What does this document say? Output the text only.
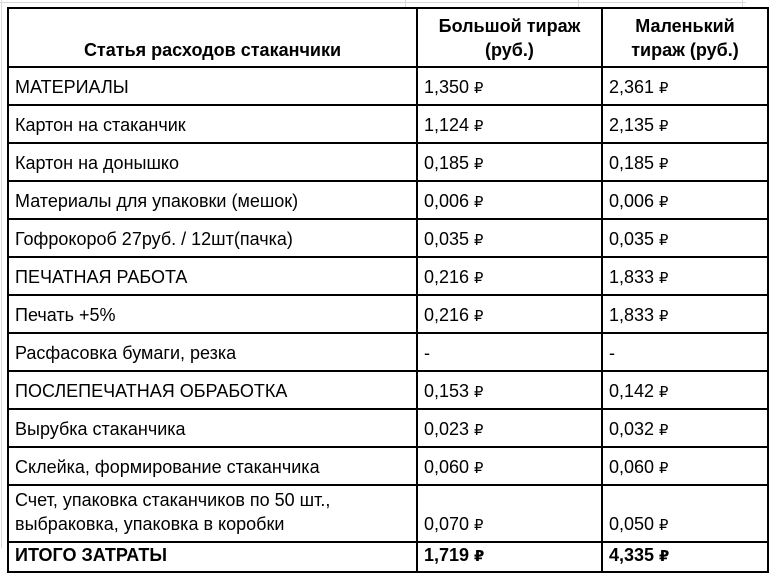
Статья расходов стаканчики	Большой тираж (руб.)	Маленький тираж (руб.)
МАТЕРИАЛЫ	1,350 ₽	2,361 ₽
Картон на стаканчик	1,124 ₽	2,135 ₽
Картон на донышко	0,185 ₽	0,185 ₽
Материалы для упаковки (мешок)	0,006 ₽	0,006 ₽
Гофрокороб 27руб. / 12шт(пачка)	0,035 ₽	0,035 ₽
ПЕЧАТНАЯ РАБОТА	0,216 ₽	1,833 ₽
Печать +5%	0,216 ₽	1,833 ₽
Расфасовка бумаги, резка	-	-
ПОСЛЕПЕЧАТНАЯ ОБРАБОТКА	0,153 ₽	0,142 ₽
Вырубка стаканчика	0,023 ₽	0,032 ₽
Склейка, формирование стаканчика	0,060 ₽	0,060 ₽
Счет, упаковка стаканчиков по 50 шт., выбраковка, упаковка в коробки	0,070 ₽	0,050 ₽
ИТОГО ЗАТРАТЫ	1,719 ₽	4,335 ₽
